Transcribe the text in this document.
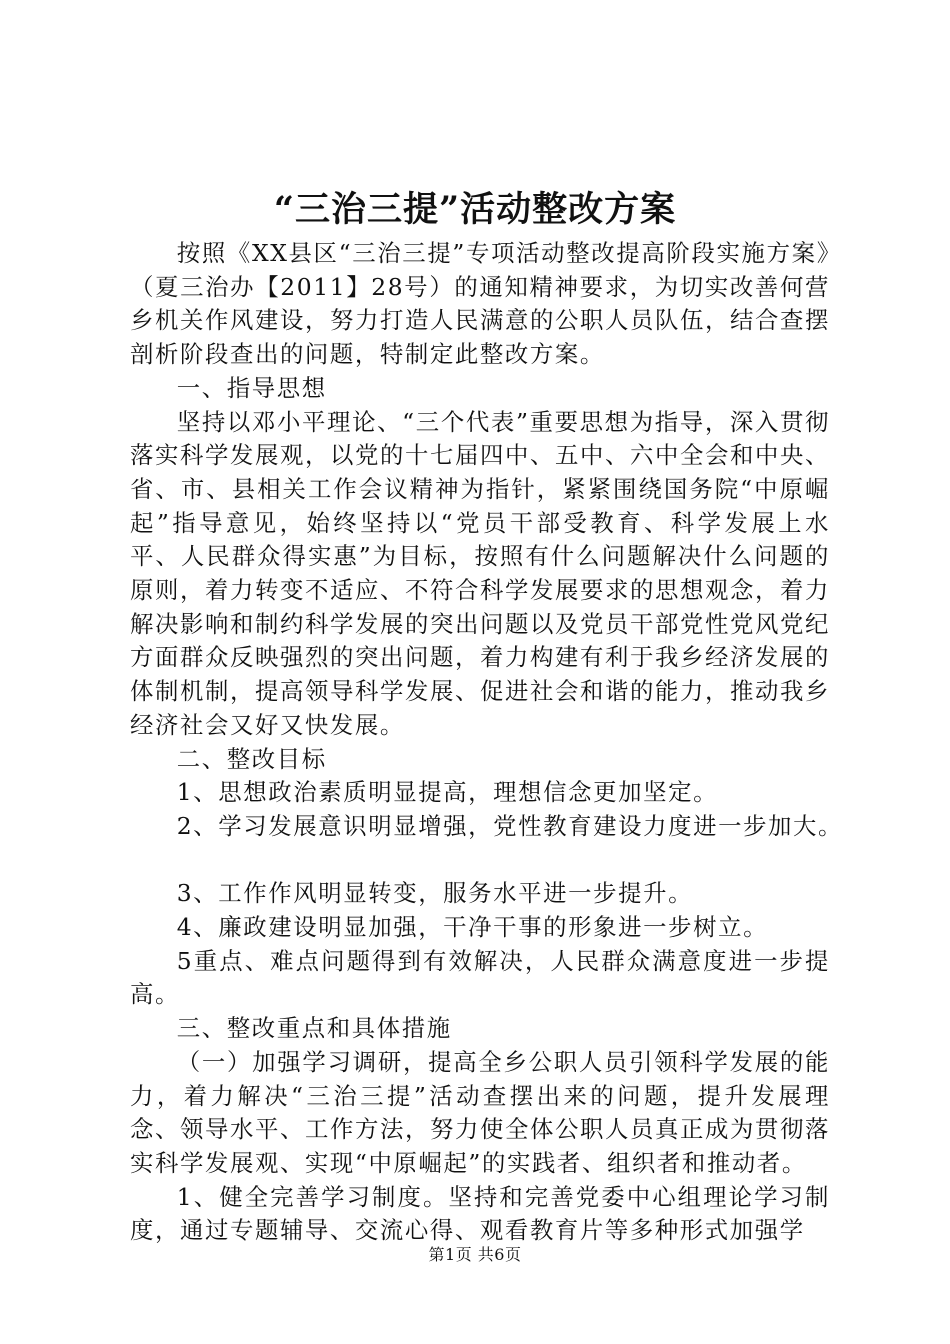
“三治三提”活动整改方案

按照《XX县区“三治三提”专项活动整改提高阶段实施方案》（夏三治办【2011】28号）的通知精神要求，为切实改善何营乡机关作风建设，努力打造人民满意的公职人员队伍，结合查摆剖析阶段查出的问题，特制定此整改方案。

一、指导思想

坚持以邓小平理论、“三个代表”重要思想为指导，深入贯彻落实科学发展观，以党的十七届四中、五中、六中全会和中央、省、市、县相关工作会议精神为指针，紧紧围绕国务院“中原崛起”指导意见，始终坚持以“党员干部受教育、科学发展上水平、人民群众得实惠”为目标，按照有什么问题解决什么问题的原则，着力转变不适应、不符合科学发展要求的思想观念，着力解决影响和制约科学发展的突出问题以及党员干部党性党风党纪方面群众反映强烈的突出问题，着力构建有利于我乡经济发展的体制机制，提高领导科学发展、促进社会和谐的能力，推动我乡经济社会又好又快发展。

二、整改目标

1、思想政治素质明显提高，理想信念更加坚定。

2、学习发展意识明显增强，党性教育建设力度进一步加大。

3、工作作风明显转变，服务水平进一步提升。

4、廉政建设明显加强，干净干事的形象进一步树立。

5重点、难点问题得到有效解决，人民群众满意度进一步提高。

三、整改重点和具体措施

（一）加强学习调研，提高全乡公职人员引领科学发展的能力，着力解决“三治三提”活动查摆出来的问题，提升发展理念、领导水平、工作方法，努力使全体公职人员真正成为贯彻落实科学发展观、实现“中原崛起”的实践者、组织者和推动者。

1、健全完善学习制度。坚持和完善党委中心组理论学习制度，通过专题辅导、交流心得、观看教育片等多种形式加强学

第1页 共6页
